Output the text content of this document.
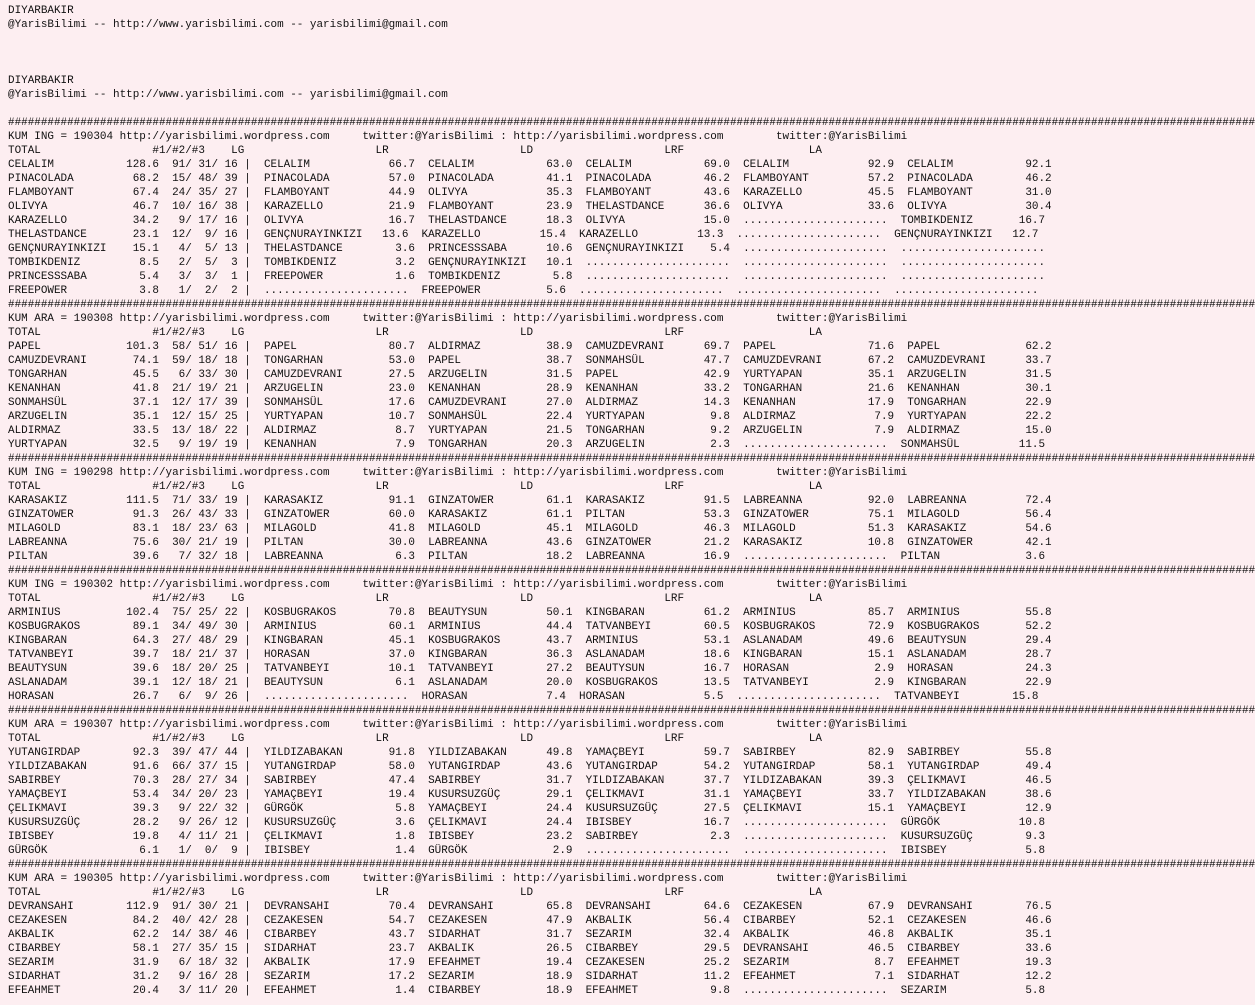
DIYARBAKIR
@YarisBilimi -- http://www.yarisbilimi.com -- yarisbilimi@gmail.com

DIYARBAKIR
@YarisBilimi -- http://www.yarisbilimi.com -- yarisbilimi@gmail.com

##############################################################################################################################################################################################
KUM ING = 190304 http://yarisbilimi.wordpress.com     twitter:@YarisBilimi : http://yarisbilimi.wordpress.com        twitter:@YarisBilimi
TOTAL                 #1/#2/#3    LG                    LR                    LD                    LRF                   LA
CELALIM           128.6  91/ 31/ 16 |  CELALIM            66.7  CELALIM           63.0  CELALIM           69.0  CELALIM            92.9  CELALIM           92.1
PINACOLADA         68.2  15/ 48/ 39 |  PINACOLADA         57.0  PINACOLADA        41.1  PINACOLADA        46.2  FLAMBOYANT         57.2  PINACOLADA        46.2
FLAMBOYANT         67.4  24/ 35/ 27 |  FLAMBOYANT         44.9  OLIVYA            35.3  FLAMBOYANT        43.6  KARAZELLO          45.5  FLAMBOYANT        31.0
OLIVYA             46.7  10/ 16/ 38 |  KARAZELLO          21.9  FLAMBOYANT        23.9  THELASTDANCE      36.6  OLIVYA             33.6  OLIVYA            30.4
KARAZELLO          34.2   9/ 17/ 16 |  OLIVYA             16.7  THELASTDANCE      18.3  OLIVYA            15.0  ......................  TOMBIKDENIZ       16.7
THELASTDANCE       23.1  12/  9/ 16 |  GENÇNURAYINKIZI   13.6  KARAZELLO         15.4  KARAZELLO         13.3  ......................  GENÇNURAYINKIZI   12.7
GENÇNURAYINKIZI    15.1   4/  5/ 13 |  THELASTDANCE        3.6  PRINCESSSABA      10.6  GENÇNURAYINKIZI    5.4  ......................  ......................
TOMBIKDENIZ         8.5   2/  5/  3 |  TOMBIKDENIZ         3.2  GENÇNURAYINKIZI   10.1  ......................  ......................  ......................
PRINCESSSABA        5.4   3/  3/  1 |  FREEPOWER           1.6  TOMBIKDENIZ        5.8  ......................  ......................  ......................
FREEPOWER           3.8   1/  2/  2 |  ......................  FREEPOWER          5.6  ......................  ......................  ......................
##############################################################################################################################################################################################
KUM ARA = 190308 http://yarisbilimi.wordpress.com     twitter:@YarisBilimi : http://yarisbilimi.wordpress.com        twitter:@YarisBilimi
TOTAL                 #1/#2/#3    LG                    LR                    LD                    LRF                   LA
PAPEL             101.3  58/ 51/ 16 |  PAPEL              80.7  ALDIRMAZ          38.9  CAMUZDEVRANI      69.7  PAPEL              71.6  PAPEL             62.2
CAMUZDEVRANI       74.1  59/ 18/ 18 |  TONGARHAN          53.0  PAPEL             38.7  SONMAHSÜL         47.7  CAMUZDEVRANI       67.2  CAMUZDEVRANI      33.7
TONGARHAN          45.5   6/ 33/ 30 |  CAMUZDEVRANI       27.5  ARZUGELIN         31.5  PAPEL             42.9  YURTYAPAN          35.1  ARZUGELIN         31.5
KENANHAN           41.8  21/ 19/ 21 |  ARZUGELIN          23.0  KENANHAN          28.9  KENANHAN          33.2  TONGARHAN          21.6  KENANHAN          30.1
SONMAHSÜL          37.1  12/ 17/ 39 |  SONMAHSÜL          17.6  CAMUZDEVRANI      27.0  ALDIRMAZ          14.3  KENANHAN           17.9  TONGARHAN         22.9
ARZUGELIN          35.1  12/ 15/ 25 |  YURTYAPAN          10.7  SONMAHSÜL         22.4  YURTYAPAN          9.8  ALDIRMAZ            7.9  YURTYAPAN         22.2
ALDIRMAZ           33.5  13/ 18/ 22 |  ALDIRMAZ            8.7  YURTYAPAN         21.5  TONGARHAN          9.2  ARZUGELIN           7.9  ALDIRMAZ          15.0
YURTYAPAN          32.5   9/ 19/ 19 |  KENANHAN            7.9  TONGARHAN         20.3  ARZUGELIN          2.3  ......................  SONMAHSÜL         11.5
##############################################################################################################################################################################################
KUM ING = 190298 http://yarisbilimi.wordpress.com     twitter:@YarisBilimi : http://yarisbilimi.wordpress.com        twitter:@YarisBilimi
TOTAL                 #1/#2/#3    LG                    LR                    LD                    LRF                   LA
KARASAKIZ         111.5  71/ 33/ 19 |  KARASAKIZ          91.1  GINZATOWER        61.1  KARASAKIZ         91.5  LABREANNA          92.0  LABREANNA         72.4
GINZATOWER         91.3  26/ 43/ 33 |  GINZATOWER         60.0  KARASAKIZ         61.1  PILTAN            53.3  GINZATOWER         75.1  MILAGOLD          56.4
MILAGOLD           83.1  18/ 23/ 63 |  MILAGOLD           41.8  MILAGOLD          45.1  MILAGOLD          46.3  MILAGOLD           51.3  KARASAKIZ         54.6
LABREANNA          75.6  30/ 21/ 19 |  PILTAN             30.0  LABREANNA         43.6  GINZATOWER        21.2  KARASAKIZ          10.8  GINZATOWER        42.1
PILTAN             39.6   7/ 32/ 18 |  LABREANNA           6.3  PILTAN            18.2  LABREANNA         16.9  ......................  PILTAN             3.6
##############################################################################################################################################################################################
KUM ING = 190302 http://yarisbilimi.wordpress.com     twitter:@YarisBilimi : http://yarisbilimi.wordpress.com        twitter:@YarisBilimi
TOTAL                 #1/#2/#3    LG                    LR                    LD                    LRF                   LA
ARMINIUS          102.4  75/ 25/ 22 |  KOSBUGRAKOS        70.8  BEAUTYSUN         50.1  KINGBARAN         61.2  ARMINIUS           85.7  ARMINIUS          55.8
KOSBUGRAKOS        89.1  34/ 49/ 30 |  ARMINIUS           60.1  ARMINIUS          44.4  TATVANBEYI        60.5  KOSBUGRAKOS        72.9  KOSBUGRAKOS       52.2
KINGBARAN          64.3  27/ 48/ 29 |  KINGBARAN          45.1  KOSBUGRAKOS       43.7  ARMINIUS          53.1  ASLANADAM          49.6  BEAUTYSUN         29.4
TATVANBEYI         39.7  18/ 21/ 37 |  HORASAN            37.0  KINGBARAN         36.3  ASLANADAM         18.6  KINGBARAN          15.1  ASLANADAM         28.7
BEAUTYSUN          39.6  18/ 20/ 25 |  TATVANBEYI         10.1  TATVANBEYI        27.2  BEAUTYSUN         16.7  HORASAN             2.9  HORASAN           24.3
ASLANADAM          39.1  12/ 18/ 21 |  BEAUTYSUN           6.1  ASLANADAM         20.0  KOSBUGRAKOS       13.5  TATVANBEYI          2.9  KINGBARAN         22.9
HORASAN            26.7   6/  9/ 26 |  ......................  HORASAN            7.4  HORASAN            5.5  ......................  TATVANBEYI        15.8
##############################################################################################################################################################################################
KUM ARA = 190307 http://yarisbilimi.wordpress.com     twitter:@YarisBilimi : http://yarisbilimi.wordpress.com        twitter:@YarisBilimi
TOTAL                 #1/#2/#3    LG                    LR                    LD                    LRF                   LA
YUTANGIRDAP        92.3  39/ 47/ 44 |  YILDIZABAKAN       91.8  YILDIZABAKAN      49.8  YAMAÇBEYI         59.7  SABIRBEY           82.9  SABIRBEY          55.8
YILDIZABAKAN       91.6  66/ 37/ 15 |  YUTANGIRDAP        58.0  YUTANGIRDAP       43.6  YUTANGIRDAP       54.2  YUTANGIRDAP        58.1  YUTANGIRDAP       49.4
SABIRBEY           70.3  28/ 27/ 34 |  SABIRBEY           47.4  SABIRBEY          31.7  YILDIZABAKAN      37.7  YILDIZABAKAN       39.3  ÇELIKMAVI         46.5
YAMAÇBEYI          53.4  34/ 20/ 23 |  YAMAÇBEYI          19.4  KUSURSUZGÜÇ       29.1  ÇELIKMAVI         31.1  YAMAÇBEYI          33.7  YILDIZABAKAN      38.6
ÇELIKMAVI          39.3   9/ 22/ 32 |  GÜRGÖK              5.8  YAMAÇBEYI         24.4  KUSURSUZGÜÇ       27.5  ÇELIKMAVI          15.1  YAMAÇBEYI         12.9
KUSURSUZGÜÇ        28.2   9/ 26/ 12 |  KUSURSUZGÜÇ         3.6  ÇELIKMAVI         24.4  IBISBEY           16.7  ......................  GÜRGÖK            10.8
IBISBEY            19.8   4/ 11/ 21 |  ÇELIKMAVI           1.8  IBISBEY           23.2  SABIRBEY           2.3  ......................  KUSURSUZGÜÇ        9.3
GÜRGÖK              6.1   1/  0/  9 |  IBISBEY             1.4  GÜRGÖK             2.9  ......................  ......................  IBISBEY            5.8
##############################################################################################################################################################################################
KUM ARA = 190305 http://yarisbilimi.wordpress.com     twitter:@YarisBilimi : http://yarisbilimi.wordpress.com        twitter:@YarisBilimi
TOTAL                 #1/#2/#3    LG                    LR                    LD                    LRF                   LA
DEVRANSAHI        112.9  91/ 30/ 21 |  DEVRANSAHI         70.4  DEVRANSAHI        65.8  DEVRANSAHI        64.6  CEZAKESEN          67.9  DEVRANSAHI        76.5
CEZAKESEN          84.2  40/ 42/ 28 |  CEZAKESEN          54.7  CEZAKESEN         47.9  AKBALIK           56.4  CIBARBEY           52.1  CEZAKESEN         46.6
AKBALIK            62.2  14/ 38/ 46 |  CIBARBEY           43.7  SIDARHAT          31.7  SEZARIM           32.4  AKBALIK            46.8  AKBALIK           35.1
CIBARBEY           58.1  27/ 35/ 15 |  SIDARHAT           23.7  AKBALIK           26.5  CIBARBEY          29.5  DEVRANSAHI         46.5  CIBARBEY          33.6
SEZARIM            31.9   6/ 18/ 32 |  AKBALIK            17.9  EFEAHMET          19.4  CEZAKESEN         25.2  SEZARIM             8.7  EFEAHMET          19.3
SIDARHAT           31.2   9/ 16/ 28 |  SEZARIM            17.2  SEZARIM           18.9  SIDARHAT          11.2  EFEAHMET            7.1  SIDARHAT          12.2
EFEAHMET           20.4   3/ 11/ 20 |  EFEAHMET            1.4  CIBARBEY          18.9  EFEAHMET           9.8  ......................  SEZARIM            5.8
